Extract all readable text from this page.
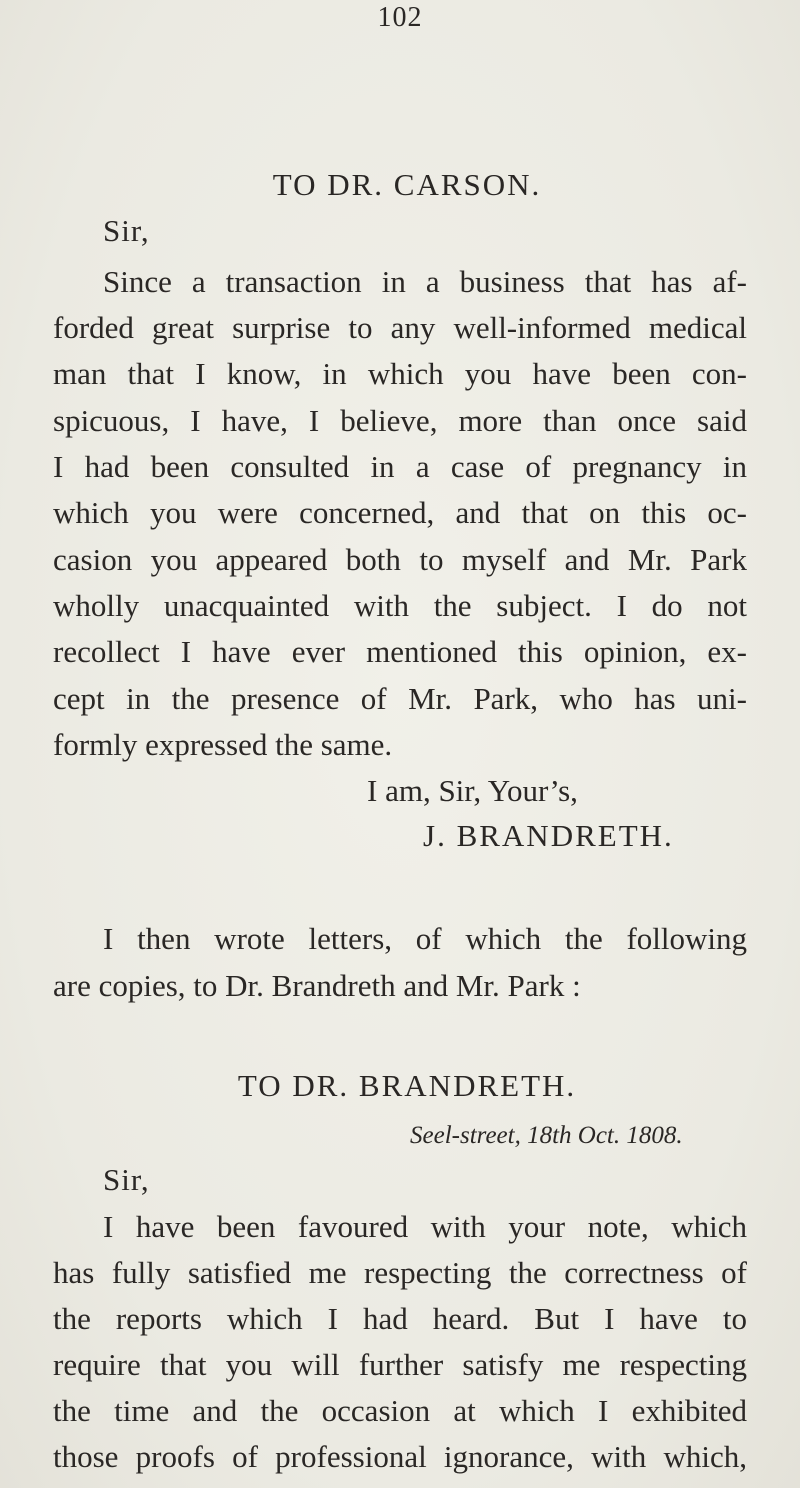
102
TO DR. CARSON.
Sir,
Since a transaction in a business that has af-
forded great surprise to any well-informed medical
man that I know, in which you have been con-
spicuous, I have, I believe, more than once said
I had been consulted in a case of pregnancy in
which you were concerned, and that on this oc-
casion you appeared both to myself and Mr. Park
wholly unacquainted with the subject. I do not
recollect I have ever mentioned this opinion, ex-
cept in the presence of Mr. Park, who has uni-
formly expressed the same.
I am, Sir, Your’s,
J. BRANDRETH.
I then wrote letters, of which the following
are copies, to Dr. Brandreth and Mr. Park :
TO DR. BRANDRETH.
Seel-street, 18th Oct. 1808.
Sir,
I have been favoured with your note, which
has fully satisfied me respecting the correctness of
the reports which I had heard. But I have to
require that you will further satisfy me respecting
the time and the occasion at which I exhibited
those proofs of professional ignorance, with which,
